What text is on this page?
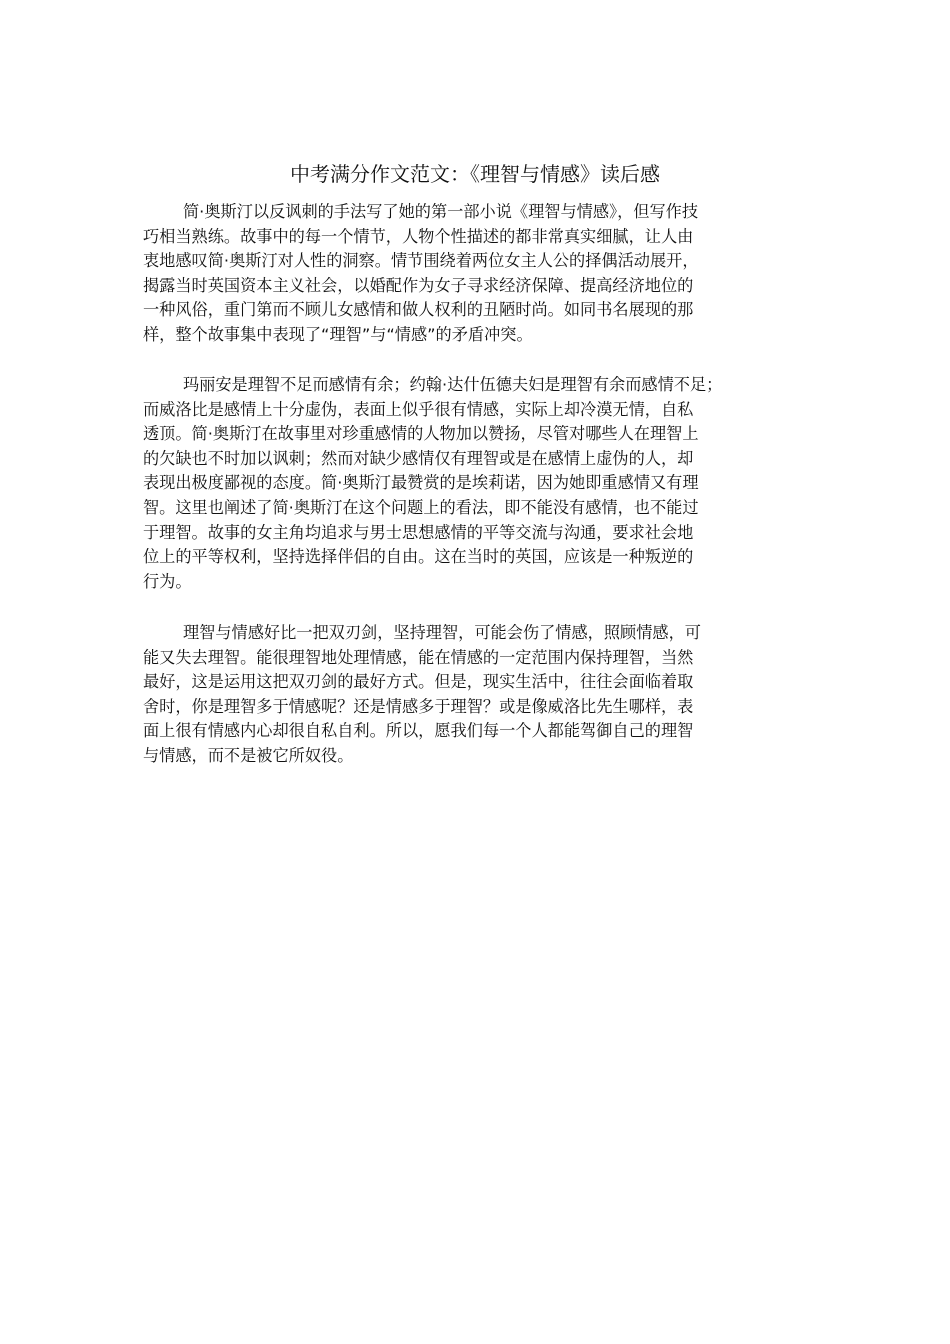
中考满分作文范文：《理智与情感》读后感
简·奥斯汀以反讽刺的手法写了她的第一部小说《理智与情感》，但写作技
巧相当熟练。故事中的每一个情节，人物个性描述的都非常真实细腻，让人由
衷地感叹简·奥斯汀对人性的洞察。情节围绕着两位女主人公的择偶活动展开，
揭露当时英国资本主义社会，以婚配作为女子寻求经济保障、提高经济地位的
一种风俗，重门第而不顾儿女感情和做人权利的丑陋时尚。如同书名展现的那
样，整个故事集中表现了“理智”与“情感”的矛盾冲突。
玛丽安是理智不足而感情有余；约翰·达什伍德夫妇是理智有余而感情不足；
而威洛比是感情上十分虚伪，表面上似乎很有情感，实际上却冷漠无情，自私
透顶。简·奥斯汀在故事里对珍重感情的人物加以赞扬，尽管对哪些人在理智上
的欠缺也不时加以讽刺；然而对缺少感情仅有理智或是在感情上虚伪的人，却
表现出极度鄙视的态度。简·奥斯汀最赞赏的是埃莉诺，因为她即重感情又有理
智。这里也阐述了简·奥斯汀在这个问题上的看法，即不能没有感情，也不能过
于理智。故事的女主角均追求与男士思想感情的平等交流与沟通，要求社会地
位上的平等权利，坚持选择伴侣的自由。这在当时的英国，应该是一种叛逆的
行为。
理智与情感好比一把双刃剑，坚持理智，可能会伤了情感，照顾情感，可
能又失去理智。能很理智地处理情感，能在情感的一定范围内保持理智，当然
最好，这是运用这把双刃剑的最好方式。但是，现实生活中，往往会面临着取
舍时，你是理智多于情感呢？还是情感多于理智？或是像威洛比先生哪样，表
面上很有情感内心却很自私自利。所以，愿我们每一个人都能驾御自己的理智
与情感，而不是被它所奴役。
